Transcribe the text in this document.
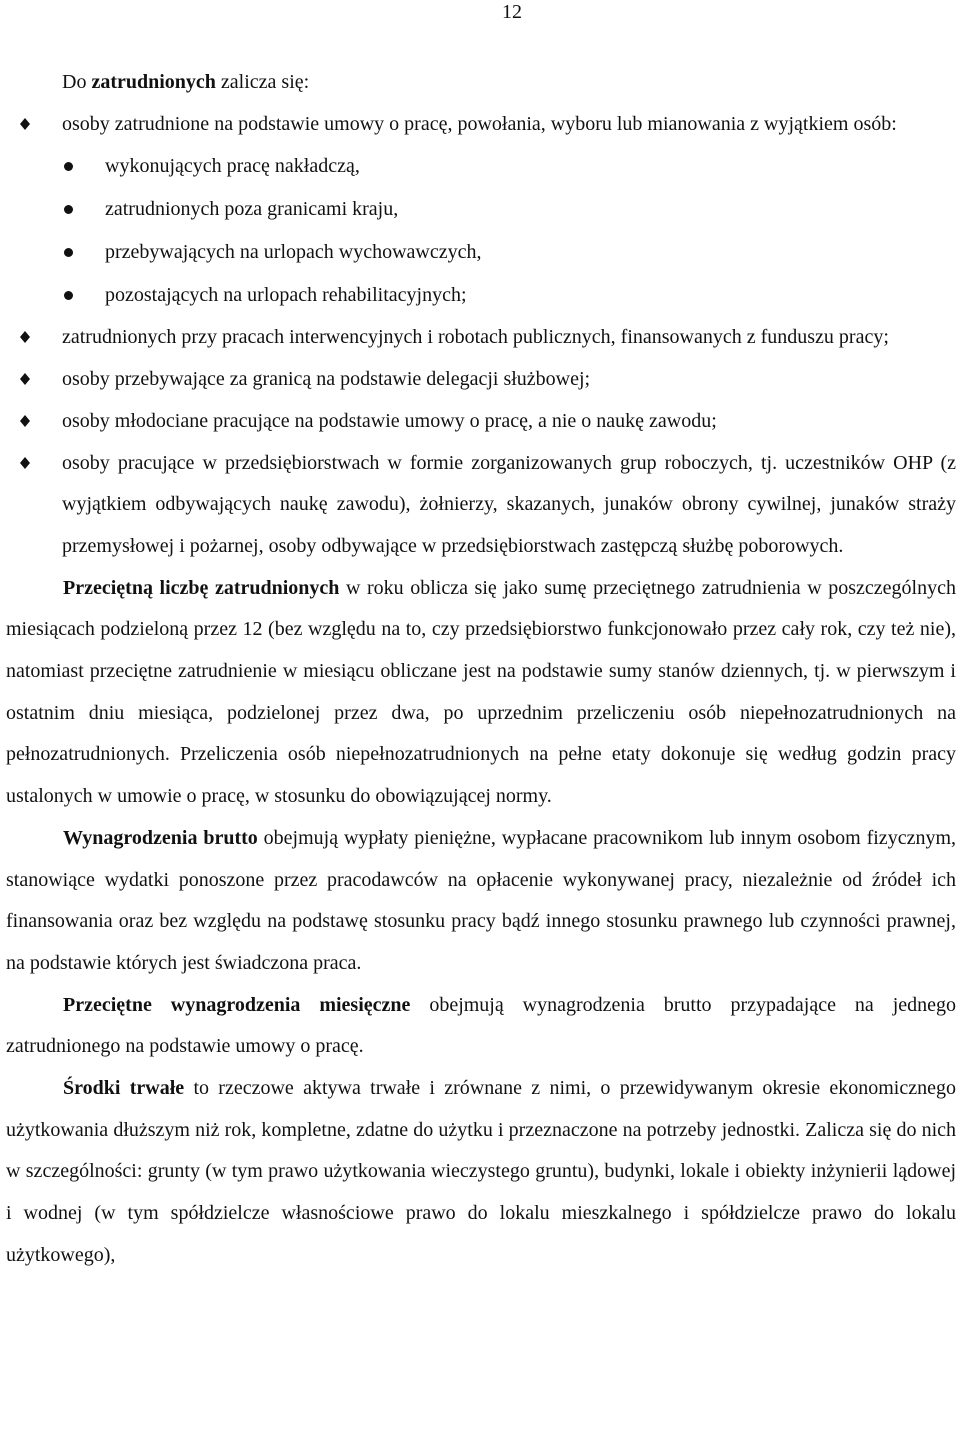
12

Do zatrudnionych zalicza się:

osoby zatrudnione na podstawie umowy o pracę, powołania, wyboru lub mianowania z wyjątkiem osób:
wykonujących pracę nakładczą,
zatrudnionych poza granicami kraju,
przebywających na urlopach wychowawczych,
pozostających na urlopach rehabilitacyjnych;
zatrudnionych przy pracach interwencyjnych i robotach publicznych, finansowanych z funduszu pracy;
osoby przebywające za granicą na podstawie delegacji służbowej;
osoby młodociane pracujące na podstawie umowy o pracę, a nie o naukę zawodu;
osoby pracujące w przedsiębiorstwach w formie zorganizowanych grup roboczych, tj. uczestników OHP (z wyjątkiem odbywających naukę zawodu), żołnierzy, skazanych, junaków obrony cywilnej, junaków straży przemysłowej i pożarnej, osoby odbywające w przedsiębiorstwach zastępczą służbę poborowych.

Przeciętną liczbę zatrudnionych w roku oblicza się jako sumę przeciętnego zatrudnienia w poszczególnych miesiącach podzieloną przez 12 (bez względu na to, czy przedsiębiorstwo funkcjonowało przez cały rok, czy też nie), natomiast przeciętne zatrudnienie w miesiącu obliczane jest na podstawie sumy stanów dziennych, tj. w pierwszym i ostatnim dniu miesiąca, podzielonej przez dwa, po uprzednim przeliczeniu osób niepełnozatrudnionych na pełnozatrudnionych. Przeliczenia osób niepełnozatrudnionych na pełne etaty dokonuje się według godzin pracy ustalonych w umowie o pracę, w stosunku do obowiązującej normy.

Wynagrodzenia brutto obejmują wypłaty pieniężne, wypłacane pracownikom lub innym osobom fizycznym, stanowiące wydatki ponoszone przez pracodawców na opłacenie wykonywanej pracy, niezależnie od źródeł ich finansowania oraz bez względu na podstawę stosunku pracy bądź innego stosunku prawnego lub czynności prawnej, na podstawie których jest świadczona praca.

Przeciętne wynagrodzenia miesięczne obejmują wynagrodzenia brutto przypadające na jednego zatrudnionego na podstawie umowy o pracę.

Środki trwałe to rzeczowe aktywa trwałe i zrównane z nimi, o przewidywanym okresie ekonomicznego użytkowania dłuższym niż rok, kompletne, zdatne do użytku i przeznaczone na potrzeby jednostki. Zalicza się do nich w szczególności: grunty (w tym prawo użytkowania wieczystego gruntu), budynki, lokale i obiekty inżynierii lądowej i wodnej (w tym spółdzielcze własnościowe prawo do lokalu mieszkalnego i spółdzielcze prawo do lokalu użytkowego),
